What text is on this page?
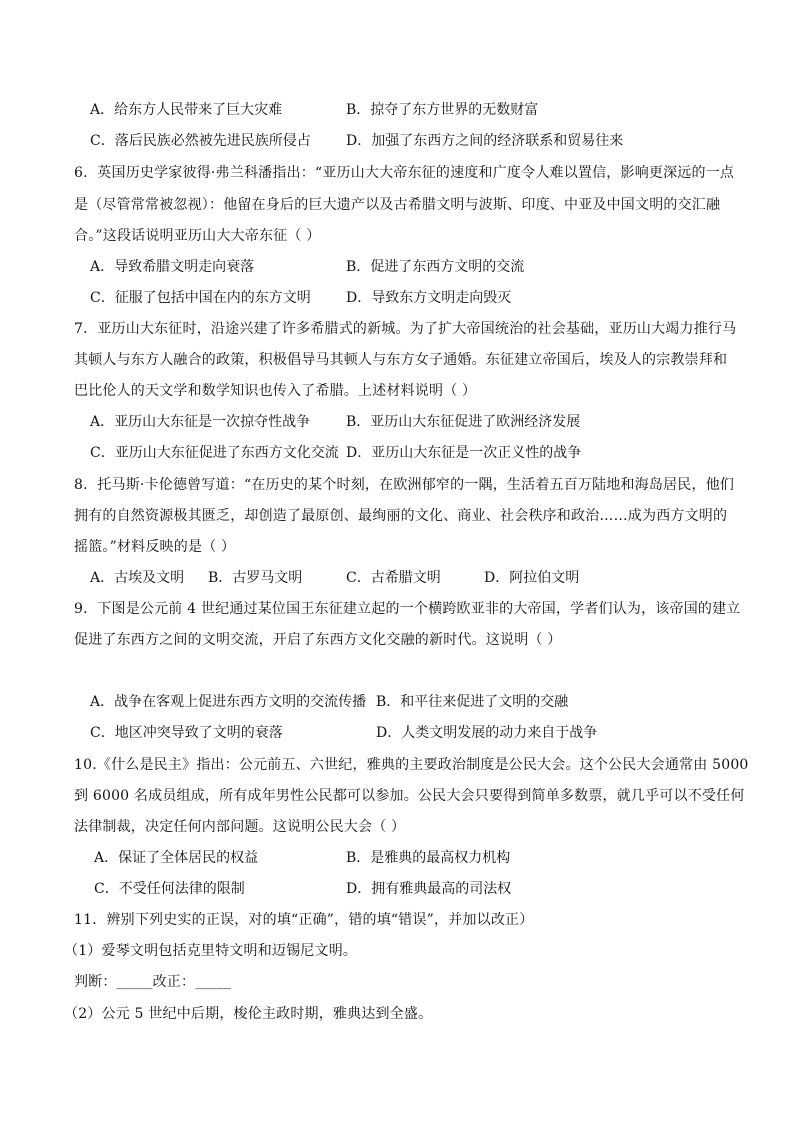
A．给东方人民带来了巨大灾难	B．掠夺了东方世界的无数财富
C．落后民族必然被先进民族所侵占	D．加强了东西方之间的经济联系和贸易往来
6．英国历史学家彼得·弗兰科潘指出：“亚历山大大帝东征的速度和广度令人难以置信，影响更深远的一点
是（尽管常常被忽视）：他留在身后的巨大遗产以及古希腊文明与波斯、印度、中亚及中国文明的交汇融
合。”这段话说明亚历山大大帝东征（ ）
A．导致希腊文明走向衰落	B．促进了东西方文明的交流
C．征服了包括中国在内的东方文明	D．导致东方文明走向毁灭
7．亚历山大东征时，沿途兴建了许多希腊式的新城。为了扩大帝国统治的社会基础，亚历山大竭力推行马
其顿人与东方人融合的政策，积极倡导马其顿人与东方女子通婚。东征建立帝国后，埃及人的宗教崇拜和
巴比伦人的天文学和数学知识也传入了希腊。上述材料说明（ ）
A．亚历山大东征是一次掠夺性战争	B．亚历山大东征促进了欧洲经济发展
C．亚历山大东征促进了东西方文化交流 D．亚历山大东征是一次正义性的战争
8．托马斯·卡伦德曾写道：“在历史的某个时刻，在欧洲郁窄的一隅，生活着五百万陆地和海岛居民，他们
拥有的自然资源极其匮乏，却创造了最原创、最绚丽的文化、商业、社会秩序和政治……成为西方文明的
摇篮。”材料反映的是（ ）
A．古埃及文明 B．古罗马文明	C．古希腊文明	D．阿拉伯文明
9．下图是公元前 4 世纪通过某位国王东征建立起的一个横跨欧亚非的大帝国，学者们认为，该帝国的建立
促进了东西方之间的文明交流，开启了东西方文化交融的新时代。这说明（ ）
A．战争在客观上促进东西方文明的交流传播 B．和平往来促进了文明的交融
C．地区冲突导致了文明的衰落	D．人类文明发展的动力来自于战争
10.《什么是民主》指出：公元前五、六世纪，雅典的主要政治制度是公民大会。这个公民大会通常由 5000
到 6000 名成员组成，所有成年男性公民都可以参加。公民大会只要得到简单多数票，就几乎可以不受任何
法律制裁，决定任何内部问题。这说明公民大会（ ）
A．保证了全体居民的权益	B．是雅典的最高权力机构
C．不受任何法律的限制	D．拥有雅典最高的司法权
11．辨别下列史实的正误，对的填“正确”，错的填“错误”，并加以改正）
（1）爱琴文明包括克里特文明和迈锡尼文明。
判断：_____改正：_____
（2）公元 5 世纪中后期，梭伦主政时期，雅典达到全盛。
